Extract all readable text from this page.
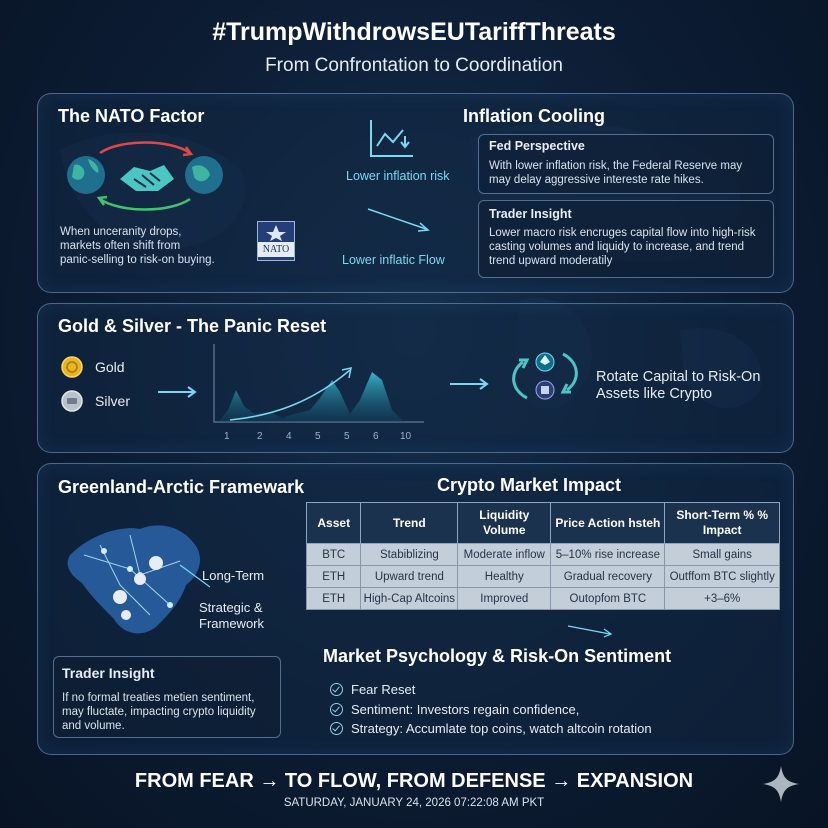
#TrumpWithdrowsEUTariffThreats
From Confrontation to Coordination
The NATO Factor
When unceranity drops,
markets often shift from
panic-selling to risk-on buying.
NATO
Inflation Cooling
Lower inflation risk
Lower inflatic Flow
Fed Perspective
With lower inflation risk, the Federal Reserve may
may delay aggressive intereste rate hikes.
Trader Insight
Lower macro risk encruges capital flow into high-risk
casting volumes and liquidy to increase, and trend
trend upward moderatily
Gold & Silver - The Panic Reset
Gold
Silver
1	2 4 5 5 6 10
Rotate Capital to Risk-On
Assets like Crypto
Greenland-Arctic Framewark
Long-Term
Strategic &
Framework
Trader Insight
If no formal treaties metien sentiment,
may fluctate, impacting crypto liquidity
and volume.
Crypto Market Impact
Asset	Trend	Liquidity Volume	Price Action hsteh	Short-Term % % Impact
BTC	Stabiblizing	Moderate inflow	5–10% rise increase	Small gains
ETH	Upward trend	Healthy	Gradual recovery	Outffom BTC slightly
ETH	High-Cap Altcoins	Improved	Outopfom BTC	+3–6%
Market Psychology & Risk-On Sentiment
Fear Reset
Sentiment: Investors regain confidence,
Strategy: Accumlate top coins, watch altcoin rotation
FROM FEAR → TO FLOW, FROM DEFENSE → EXPANSION
SATURDAY, JANUARY 24, 2026 07:22:08 AM PKT
